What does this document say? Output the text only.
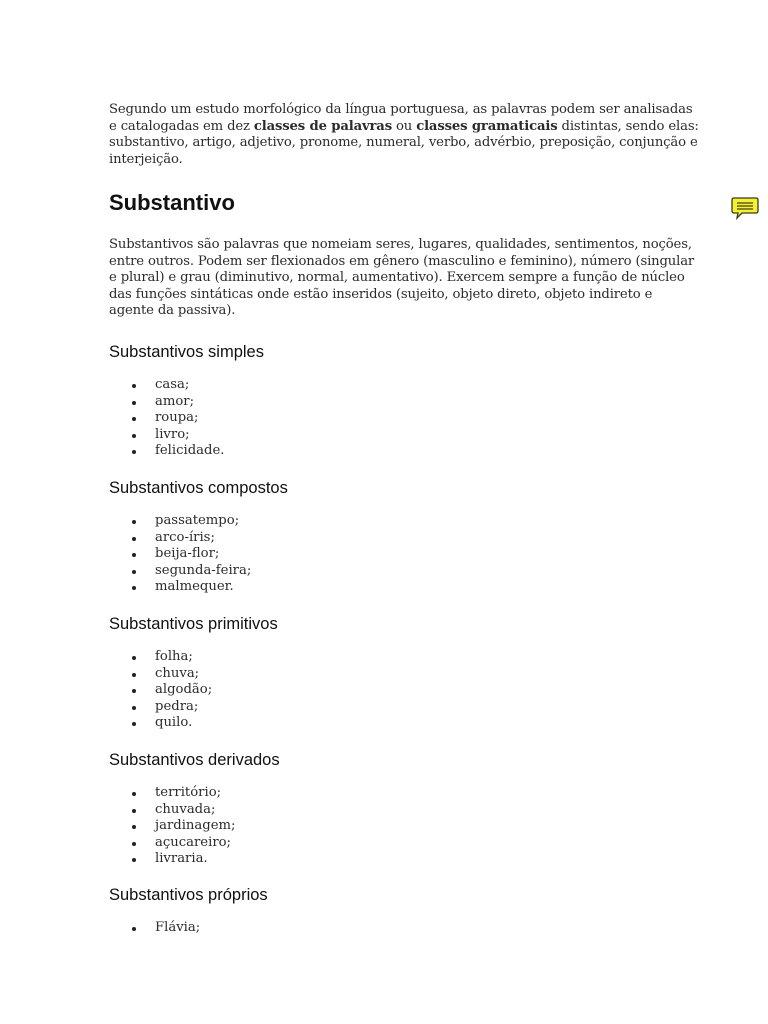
Segundo um estudo morfológico da língua portuguesa, as palavras podem ser analisadas e catalogadas em dez classes de palavras ou classes gramaticais distintas, sendo elas: substantivo, artigo, adjetivo, pronome, numeral, verbo, advérbio, preposição, conjunção e interjeição.

Substantivo

Substantivos são palavras que nomeiam seres, lugares, qualidades, sentimentos, noções, entre outros. Podem ser flexionados em gênero (masculino e feminino), número (singular e plural) e grau (diminutivo, normal, aumentativo). Exercem sempre a função de núcleo das funções sintáticas onde estão inseridos (sujeito, objeto direto, objeto indireto e agente da passiva).

Substantivos simples
casa;
amor;
roupa;
livro;
felicidade.
Substantivos compostos
passatempo;
arco-íris;
beija-flor;
segunda-feira;
malmequer.
Substantivos primitivos
folha;
chuva;
algodão;
pedra;
quilo.
Substantivos derivados
território;
chuvada;
jardinagem;
açucareiro;
livraria.
Substantivos próprios
Flávia;
